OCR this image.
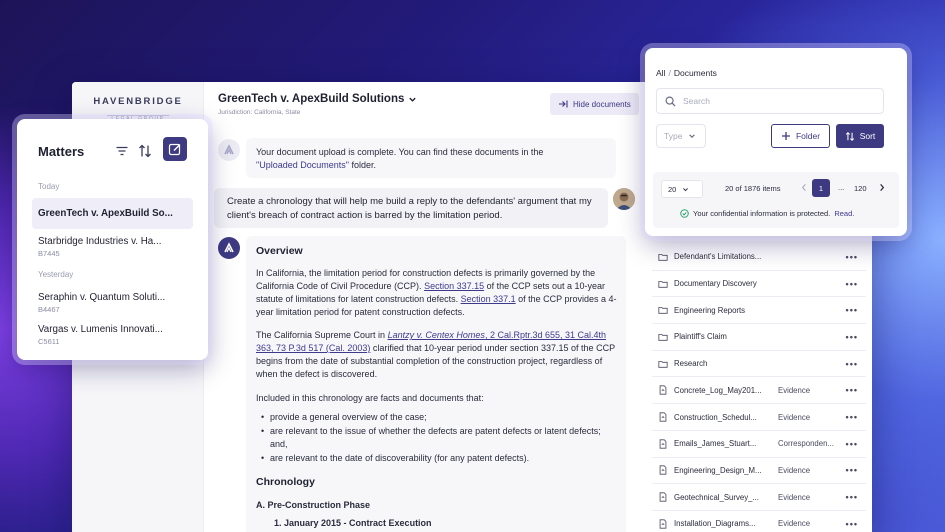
HAVENBRIDGE	GreenTech v. ApexBuild Solutions
Jurisdiction: California, State
Hide documents
Your document upload is complete. You can find these documents in the
"Uploaded Documents" folder.
Create a chronology that will help me build a reply to the defendants' argument that my client's breach of contract action is barred by the limitation period.
Overview
In California, the limitation period for construction defects is primarily governed by the California Code of Civil Procedure (CCP). Section 337.15 of the CCP sets out a 10-year statute of limitations for latent construction defects. Section 337.1 of the CCP provides a 4-year limitation period for patent construction defects.
The California Supreme Court in Lantzy v. Centex Homes, 2 Cal.Rptr.3d 655, 31 Cal.4th 363, 73 P.3d 517 (Cal. 2003) clarified that 10-year period under section 337.15 of the CCP begins from the date of substantial completion of the construction project, regardless of when the defect is discovered.
Included in this chronology are facts and documents that:
• provide a general overview of the case;
• are relevant to the issue of whether the defects are patent defects or latent defects; and,
• are relevant to the date of discoverability (for any patent defects).
Chronology
A. Pre-Construction Phase
1. January 2015 - Contract Execution
Defendant's Limitations...	•••
Documentary Discovery	•••
Engineering Reports	•••
Plaintiff's Claim	•••
Research	•••
Concrete_Log_May201...	Evidence	•••
Construction_Schedul...	Evidence	•••
Emails_James_Stuart...	Corresponden...	•••
Engineering_Design_M...	Evidence	•••
Geotechnical_Survey_...	Evidence	•••
Installation_Diagrams...	Evidence	•••
Matters
Today
GreenTech v. ApexBuild So...
Starbridge Industries v. Ha...
B7445
Yesterday
Seraphin v. Quantum Soluti...
B4467
Vargas v. Lumenis Innovati...
C5611
All / Documents
Search
Type	Folder	Sort
20	20 of 1876 items	1	... 120
Your confidential information is protected. Read.
